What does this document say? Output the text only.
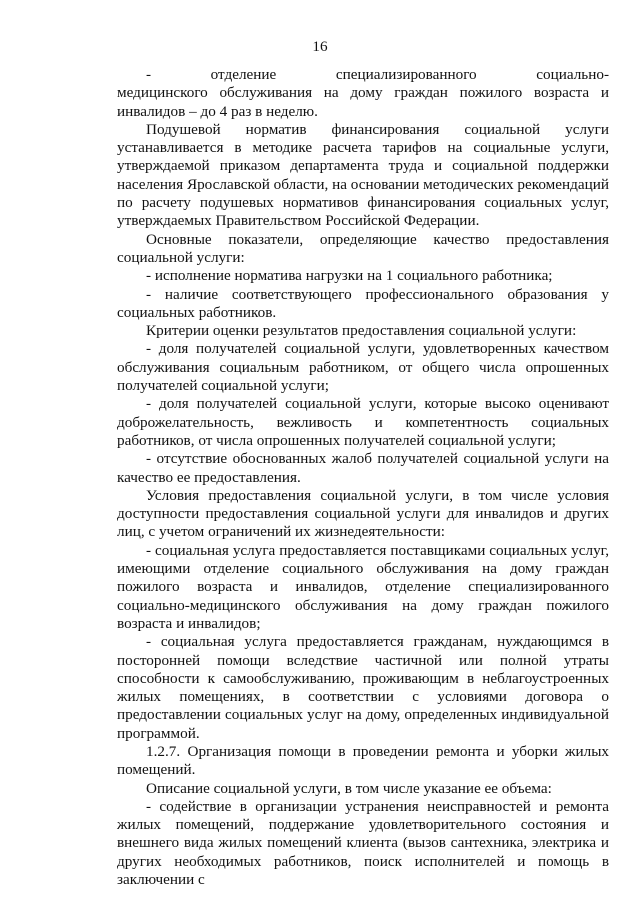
16

-        отделение        специализированного        социально-медицинского обслуживания на дому граждан пожилого возраста и инвалидов – до 4 раз в неделю.

Подушевой норматив финансирования социальной услуги устанавливается в методике расчета тарифов на социальные услуги, утверждаемой приказом департамента труда и социальной поддержки населения Ярославской области, на основании методических рекомендаций по расчету подушевых нормативов финансирования социальных услуг, утверждаемых Правительством Российской Федерации.

Основные показатели, определяющие качество предоставления социальной услуги:

- исполнение норматива нагрузки на 1 социального работника;

- наличие соответствующего профессионального образования у социальных работников.

Критерии оценки результатов предоставления социальной услуги:

- доля получателей социальной услуги, удовлетворенных качеством обслуживания социальным работником, от общего числа опрошенных получателей социальной услуги;

- доля получателей социальной услуги, которые высоко оценивают доброжелательность, вежливость и компетентность социальных работников, от числа опрошенных получателей социальной услуги;

- отсутствие обоснованных жалоб получателей социальной услуги на качество ее предоставления.

Условия предоставления социальной услуги, в том числе условия доступности предоставления социальной услуги для инвалидов и других лиц, с учетом ограничений их жизнедеятельности:

- социальная услуга предоставляется поставщиками социальных услуг, имеющими отделение социального обслуживания на дому граждан пожилого возраста и инвалидов, отделение специализированного социально-медицинского обслуживания на дому граждан пожилого возраста и инвалидов;

- социальная услуга предоставляется гражданам, нуждающимся в посторонней помощи вследствие частичной или полной утраты способности к самообслуживанию, проживающим в неблагоустроенных жилых помещениях, в соответствии с условиями договора о предоставлении социальных услуг на дому, определенных индивидуальной программой.

1.2.7. Организация помощи в проведении ремонта и уборки жилых помещений.

Описание социальной услуги, в том числе указание ее объема:

- содействие в организации устранения неисправностей и ремонта жилых помещений, поддержание удовлетворительного состояния и внешнего вида жилых помещений клиента (вызов сантехника, электрика и других необходимых работников, поиск исполнителей и помощь в заключении с
